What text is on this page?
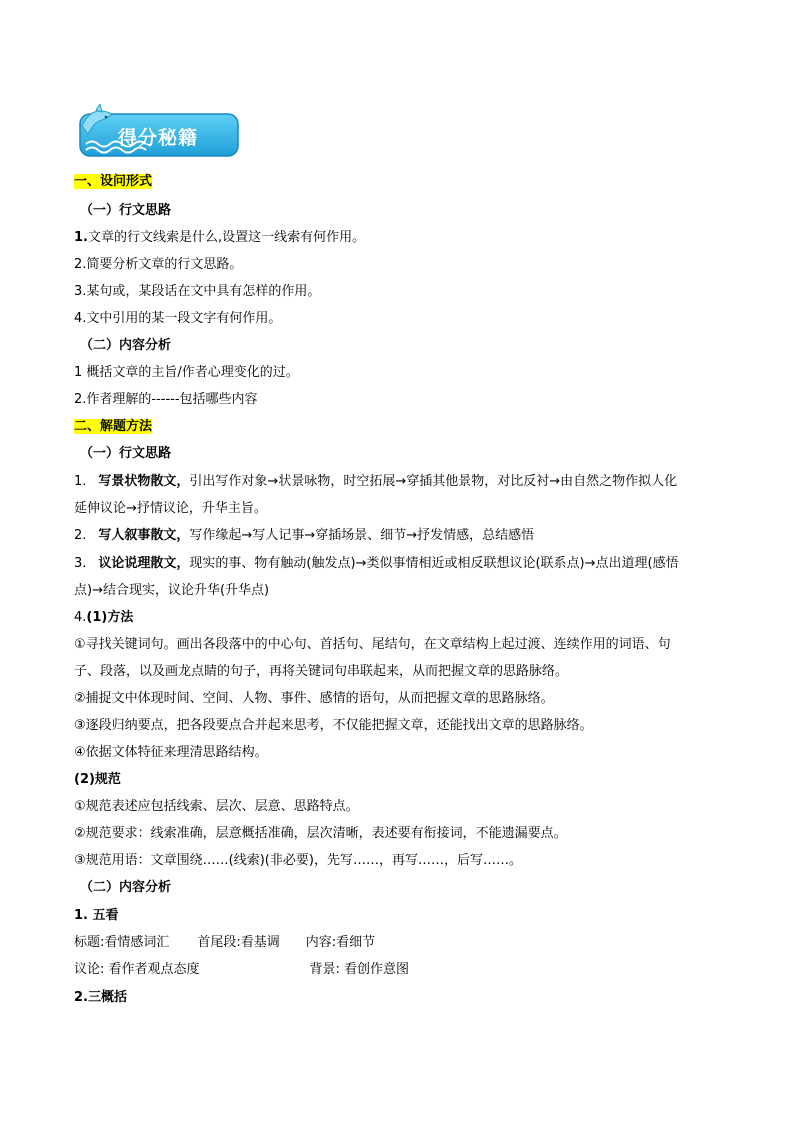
得分秘籍
一、设问形式
（一）行文思路
1.文章的行文线索是什么,设置这一线索有何作用。
2.简要分析文章的行文思路。
3.某句或，某段话在文中具有怎样的作用。
4.文中引用的某一段文字有何作用。
（二）内容分析
1 概括文章的主旨/作者心理变化的过。
2.作者理解的------包括哪些内容
二、解题方法
（一）行文思路
1. 写景状物散文，引出写作对象→状景咏物，时空拓展→穿插其他景物，对比反衬→由自然之物作拟人化
延伸议论→抒情议论，升华主旨。
2. 写人叙事散文，写作缘起→写人记事→穿插场景、细节→抒发情感，总结感悟
3. 议论说理散文，现实的事、物有触动(触发点)→类似事情相近或相反联想议论(联系点)→点出道理(感悟
点)→结合现实，议论升华(升华点)
4.(1)方法
①寻找关键词句。画出各段落中的中心句、首括句、尾结句，在文章结构上起过渡、连续作用的词语、句
子、段落，以及画龙点睛的句子，再将关键词句串联起来，从而把握文章的思路脉络。
②捕捉文中体现时间、空间、人物、事件、感情的语句，从而把握文章的思路脉络。
③逐段归纳要点，把各段要点合并起来思考，不仅能把握文章，还能找出文章的思路脉络。
④依据文体特征来理清思路结构。
(2)规范
①规范表述应包括线索、层次、层意、思路特点。
②规范要求：线索准确，层意概括准确，层次清晰，表述要有衔接词，不能遗漏要点。
③规范用语：文章围绕……(线索)(非必要)，先写……，再写……，后写……。
（二）内容分析
1. 五看
标题:看情感词汇 首尾段:看基调 内容:看细节
议论: 看作者观点态度	背景: 看创作意图
2.三概括
